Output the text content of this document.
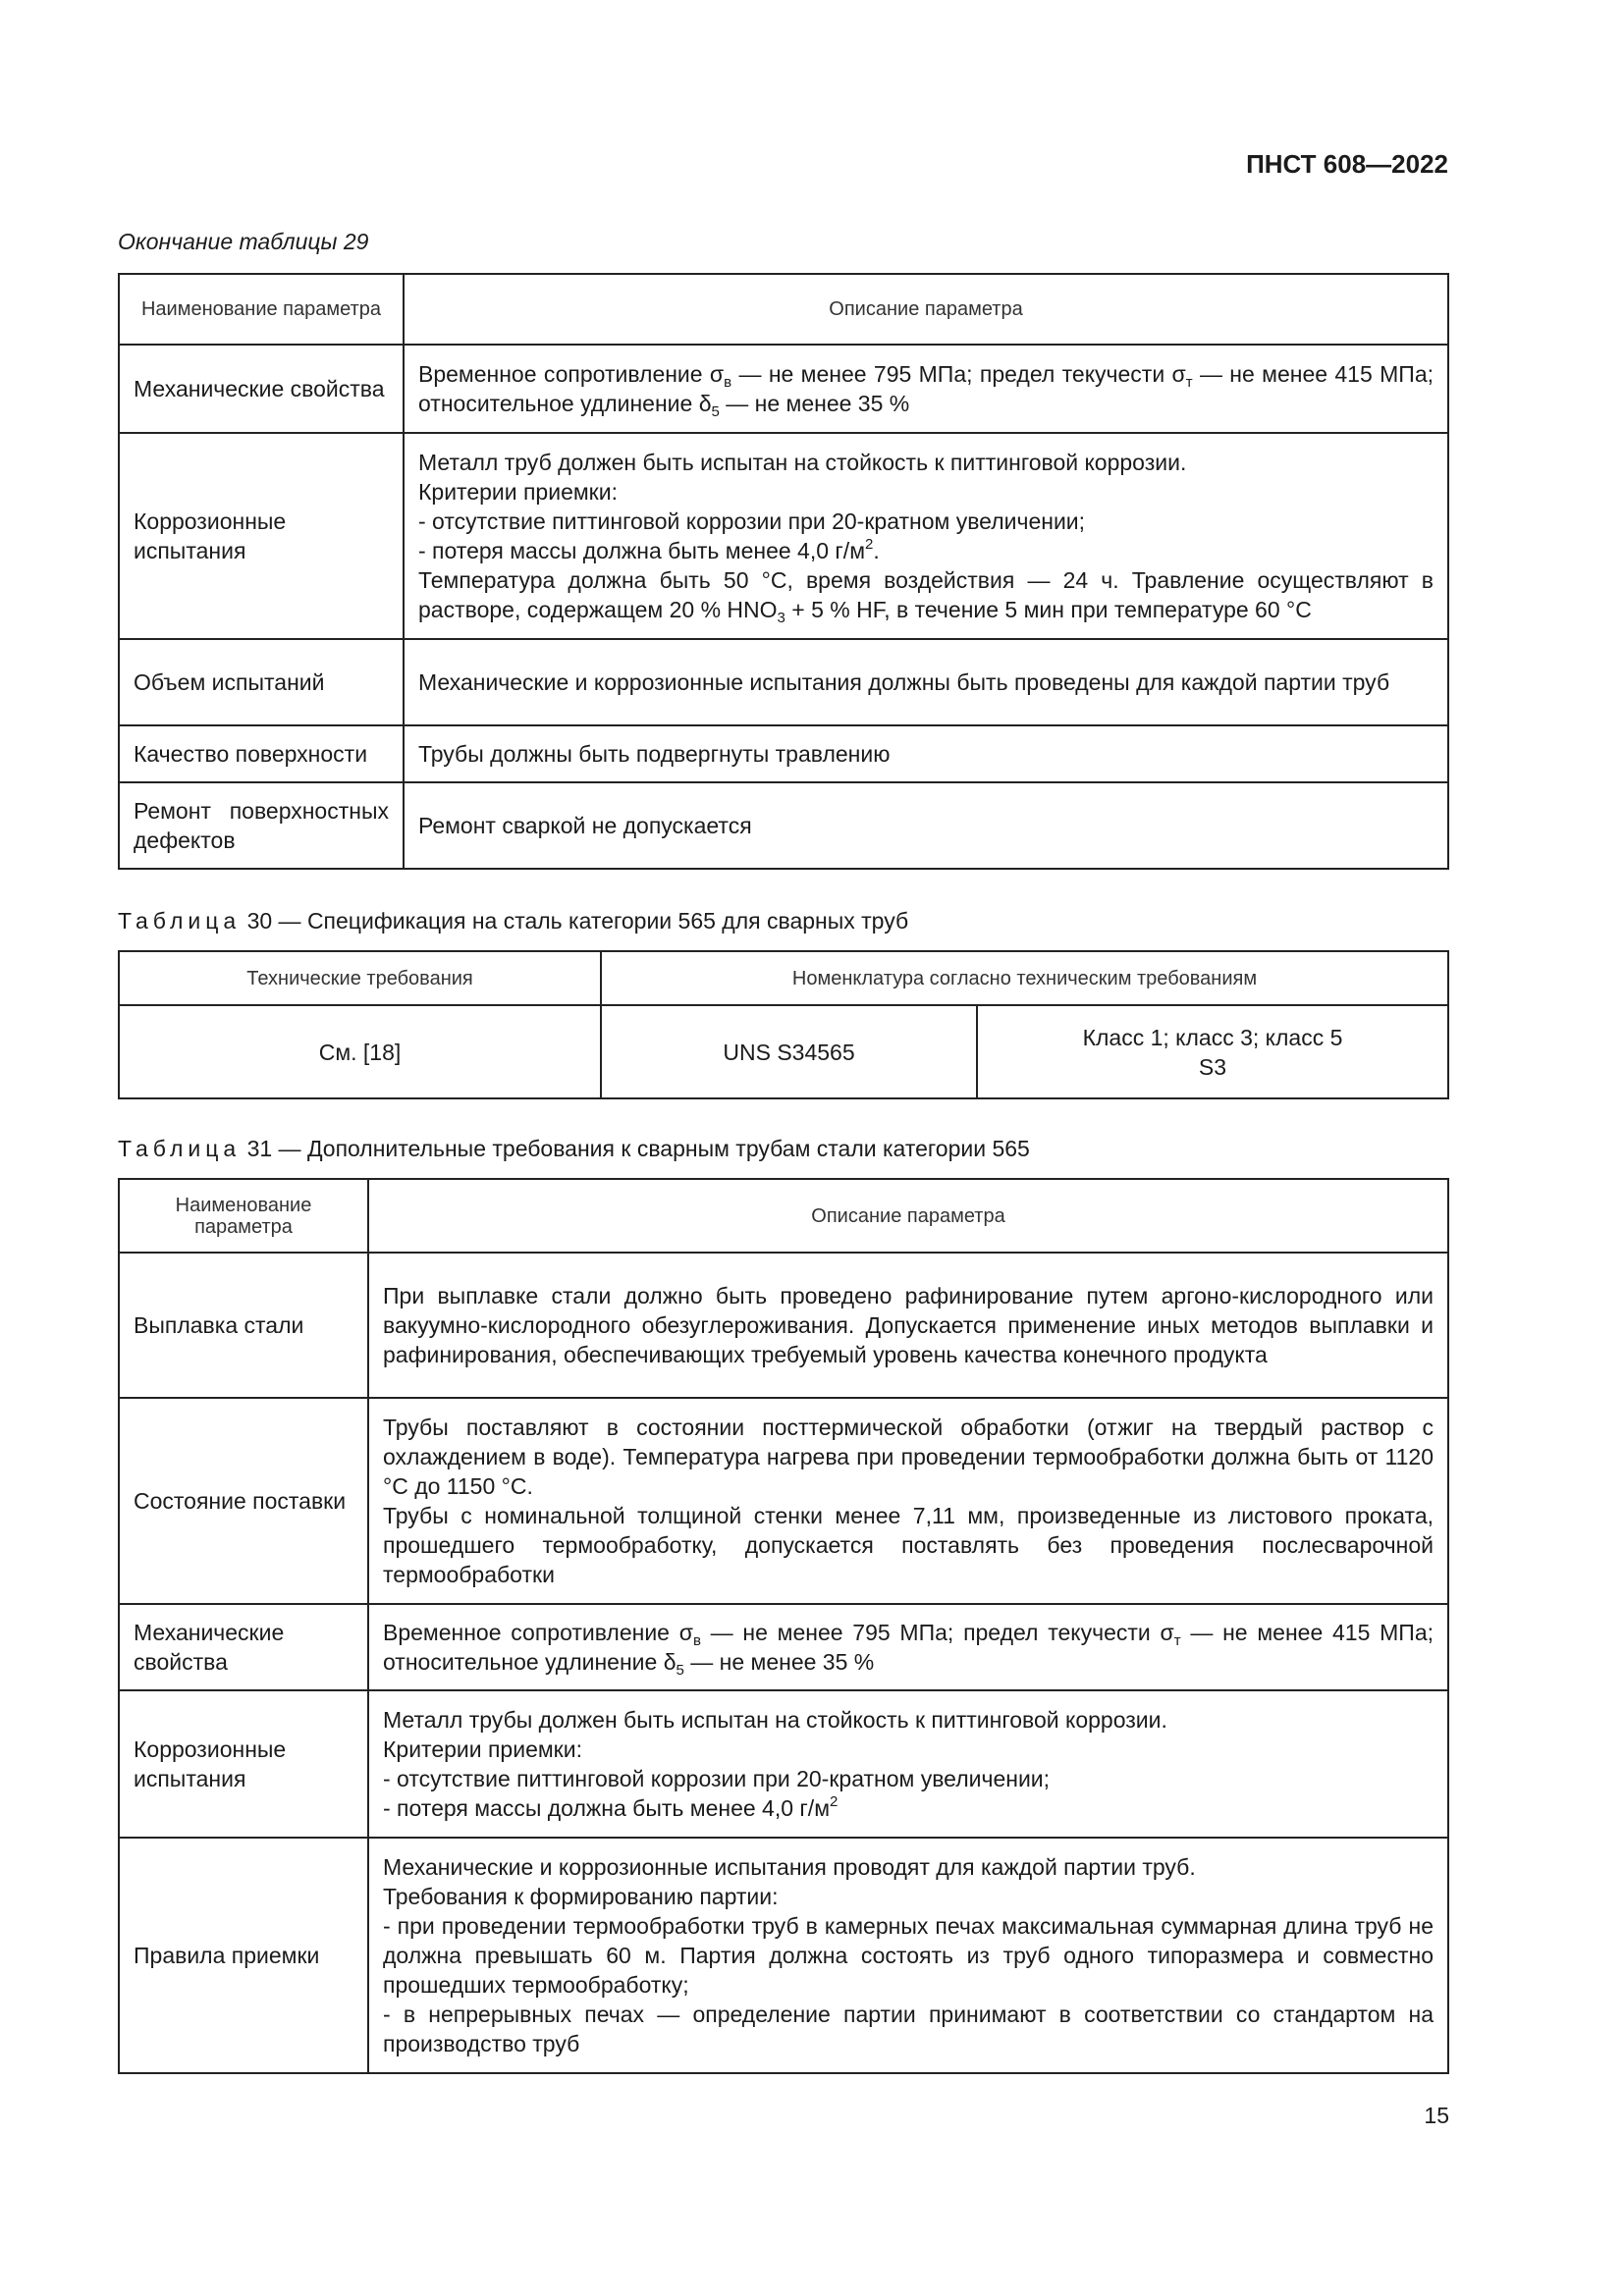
ПНСТ 608—2022
Окончание таблицы 29
Наименование параметра	Описание параметра
Механические свойства	Временное сопротивление $\sigma_в$ — не менее 795 МПа; предел текучести $\sigma_т$ — не менее 415 МПа; относительное удлинение $\delta_5$ — не менее 35 %
Коррозионные испытания	Металл труб должен быть испытан на стойкость к питтинговой коррозии.
Критерии приемки:
- отсутствие питтинговой коррозии при 20-кратном увеличении;
- потеря массы должна быть менее 4,0 $г/м^2$.
Температура должна быть 50 °C, время воздействия — 24 ч. Травление осуществляют в растворе, содержащем 20 % $HNO_3 + 5$ % HF, в течение 5 мин при температуре 60 °C

Объем испытаний	Механические и коррозионные испытания должны быть проведены для каждой партии труб
Качество поверхности	Трубы должны быть подвергнуты травлению
Ремонт поверхностных дефектов	Ремонт сваркой не допускается
Таблица 30 — Спецификация на сталь категории 565 для сварных труб
Технические требования	Номенклатура согласно техническим требованиям	
См. [18]	UNS S34565	Класс 1; класс 3; класс 5
S3
Таблица 31 — Дополнительные требования к сварным трубам стали категории 565
Наименование параметра	Описание параметра
Выплавка стали	При выплавке стали должно быть проведено рафинирование путем аргоно-кислородного или вакуумно-кислородного обезуглероживания. Допускается применение иных методов выплавки и рафинирования, обеспечивающих требуемый уровень качества конечного продукта
Состояние поставки	Трубы поставляют в состоянии посттермической обработки (отжиг на твердый раствор с охлаждением в воде). Температура нагрева при проведении термообработки должна быть от 1120 °C до 1150 °C.
Трубы с номинальной толщиной стенки менее 7,11 мм, произведенные из листового проката, прошедшего термообработку, допускается поставлять без проведения послесварочной термообработки

Механические свойства	Временное сопротивление $\sigma_в$ — не менее 795 МПа; предел текучести $\sigma_т$ — не менее 415 МПа; относительное удлинение $\delta_5$ — не менее 35 %
Коррозионные испытания	Металл трубы должен быть испытан на стойкость к питтинговой коррозии.
Критерии приемки:
- отсутствие питтинговой коррозии при 20-кратном увеличении;
- потеря массы должна быть менее 4,0 $г/м^2$

Правила приемки	Механические и коррозионные испытания проводят для каждой партии труб.
Требования к формированию партии:
- при проведении термообработки труб в камерных печах максимальная суммарная длина труб не должна превышать 60 м. Партия должна состоять из труб одного типоразмера и совместно прошедших термообработку;
- в непрерывных печах — определение партии принимают в соответствии со стандартом на производство труб
15
